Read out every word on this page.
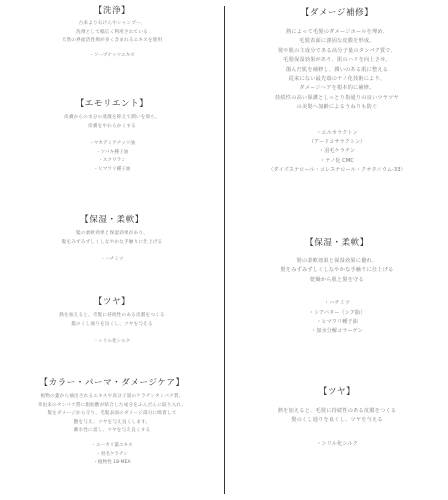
【洗浄】
古来より石けんやシャンプー、
洗剤として幅広く利用されている
天然の界面活性剤が多く含まれるエキスを使用
・ソープナッツエキス
【エモリエント】
皮膚からの水分の蒸散を抑えて潤いを保ち、
皮膚をやわらかくする
・マカデミアナッツ油
・ツバキ種子油
・スクワラン
・ヒマワリ種子油
【保湿・柔軟】
髪の柔軟効果と保湿効果があり、
髪をみずみずしくしなやかな手触りに仕上げる
・ハチミツ
【ツヤ】
熱を加えると、毛髪に持続性のある皮膜をつくる
髪のくし通りを良くし、ツヤを与える
・シリル化シルク
【カラー・パーマ・ダメージケア】
植物の葉から抽出されるエキスや高分子量のケラチンタンパク質、
米由来のタンパク質に脂肪酸が結合した成分をふんだんに取り入れ、
髪をダメージから守り、毛髪表面のダメージ部分に吸着して
艶を与え、ツヤを与え良くします。
蓄水性に富し、ツヤを与え良くする
・ユーカリ葉エキス
・羽毛ケラチン
・植物性 18-MEA
【ダメージ補修】
熱によって毛髪のダメージホールを埋め、
毛髪表面に強固な皮膜を形成。
髪や肌の主成分である高分子量のタンパク質で、
毛髪保湿効果があり、肌のハリを向上させ、
傷んだ肌を補修し、潤いのある肌に整える
従来にない最先端のナノ化技術により、
ダメージヘアを根本的に補修。
持続性の高い保護としっとり指通りの良いツヤツヤ
の美髪へ加齢によるうねりも防ぐ
・エルカラクトン
（アードコサラクトン）
・羽毛ケラチン
・ナノ化 CMC
（ダイズステロール・コレステロール・クオタニウム-33）
【保湿・柔軟】
髪の柔軟効果と保湿効果に優れ、
髪をみずみずしくしなやかな手触りに仕上げる
乾燥から肌と髪を守る
・ハチミツ
・シアバター（シア脂）
・ヒマワリ種子油
・加水分解コラーゲン
【ツヤ】
熱を加えると、毛髪に持続性のある皮膜をつくる
髪のくし通りを良くし、ツヤを与える
・シリル化シルク
